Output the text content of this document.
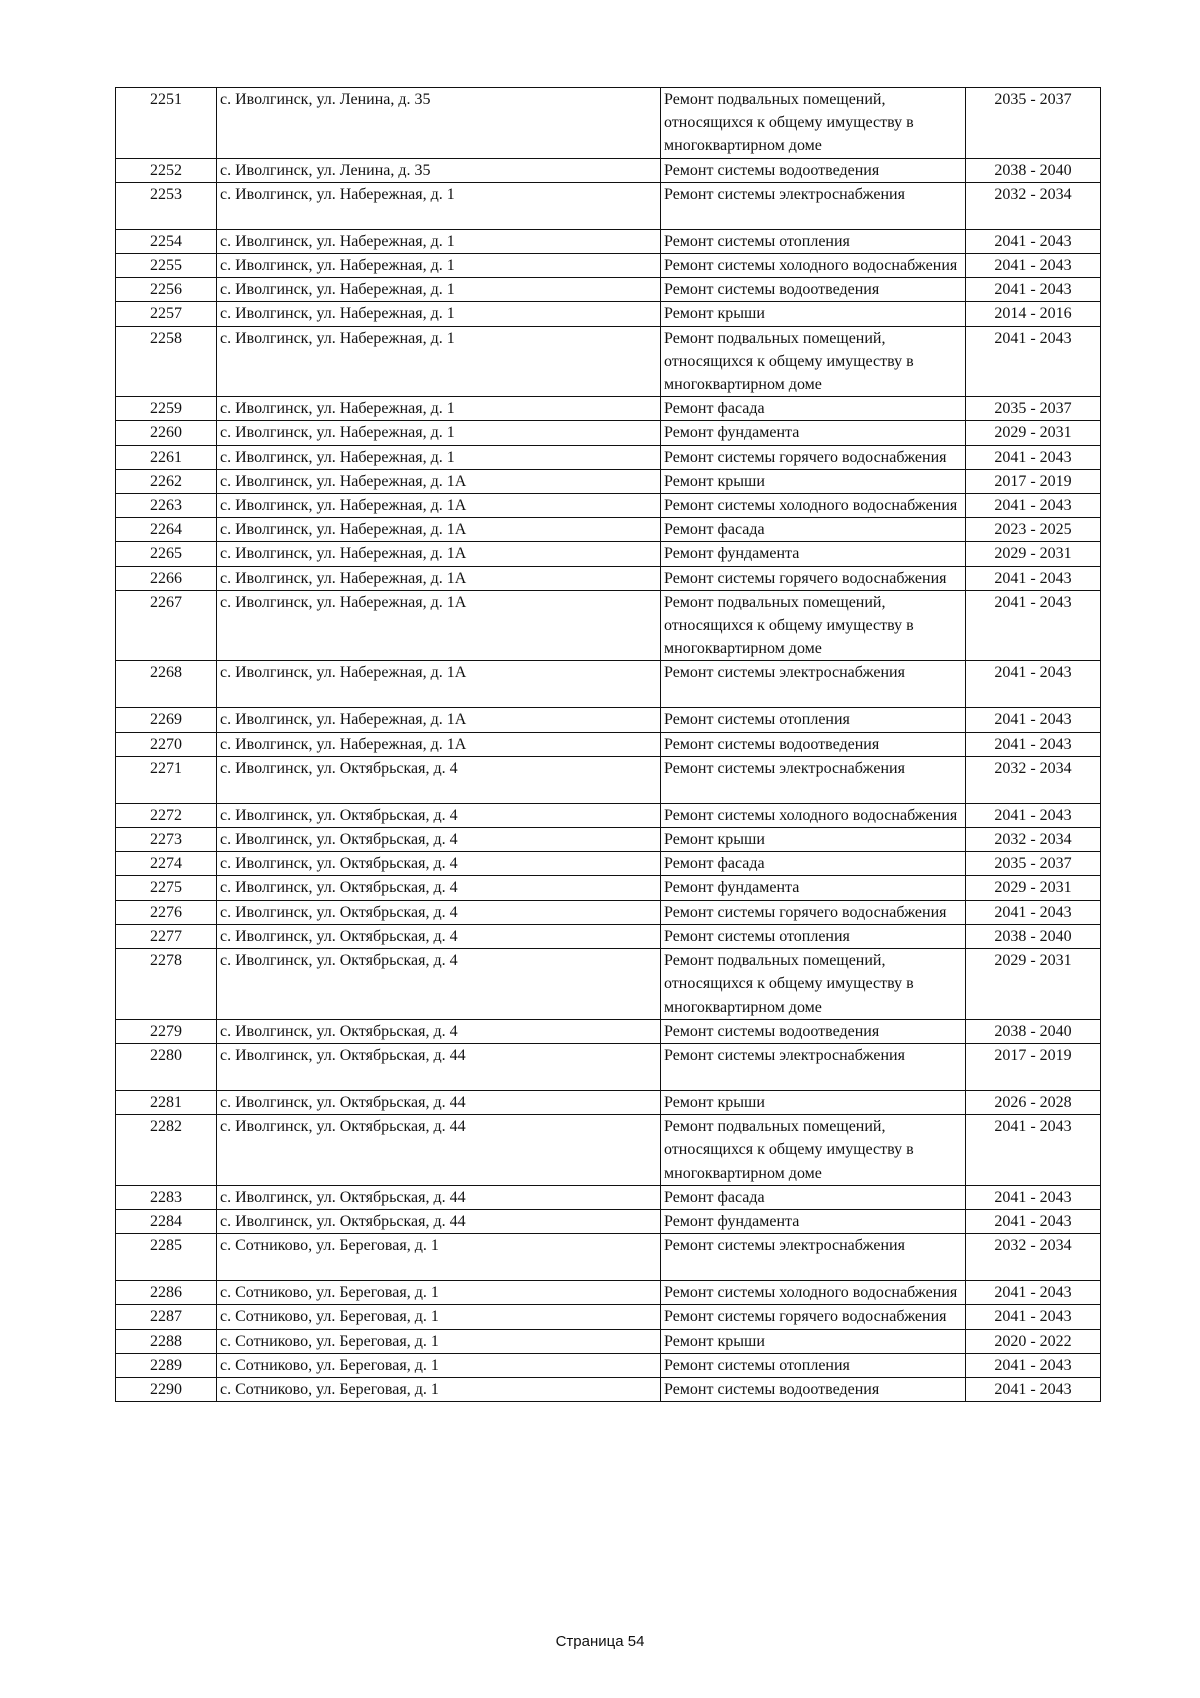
2251	с. Иволгинск, ул. Ленина, д. 35	Ремонт подвальных помещений, относящихся к общему имуществу в многоквартирном доме	2035 - 2037
2252	с. Иволгинск, ул. Ленина, д. 35	Ремонт системы водоотведения	2038 - 2040
2253	с. Иволгинск, ул. Набережная, д. 1	Ремонт системы электроснабжения	2032 - 2034
2254	с. Иволгинск, ул. Набережная, д. 1	Ремонт системы отопления	2041 - 2043
2255	с. Иволгинск, ул. Набережная, д. 1	Ремонт системы холодного водоснабжения	2041 - 2043
2256	с. Иволгинск, ул. Набережная, д. 1	Ремонт системы водоотведения	2041 - 2043
2257	с. Иволгинск, ул. Набережная, д. 1	Ремонт крыши	2014 - 2016
2258	с. Иволгинск, ул. Набережная, д. 1	Ремонт подвальных помещений, относящихся к общему имуществу в многоквартирном доме	2041 - 2043
2259	с. Иволгинск, ул. Набережная, д. 1	Ремонт фасада	2035 - 2037
2260	с. Иволгинск, ул. Набережная, д. 1	Ремонт фундамента	2029 - 2031
2261	с. Иволгинск, ул. Набережная, д. 1	Ремонт системы горячего водоснабжения	2041 - 2043
2262	с. Иволгинск, ул. Набережная, д. 1А	Ремонт крыши	2017 - 2019
2263	с. Иволгинск, ул. Набережная, д. 1А	Ремонт системы холодного водоснабжения	2041 - 2043
2264	с. Иволгинск, ул. Набережная, д. 1А	Ремонт фасада	2023 - 2025
2265	с. Иволгинск, ул. Набережная, д. 1А	Ремонт фундамента	2029 - 2031
2266	с. Иволгинск, ул. Набережная, д. 1А	Ремонт системы горячего водоснабжения	2041 - 2043
2267	с. Иволгинск, ул. Набережная, д. 1А	Ремонт подвальных помещений, относящихся к общему имуществу в многоквартирном доме	2041 - 2043
2268	с. Иволгинск, ул. Набережная, д. 1А	Ремонт системы электроснабжения	2041 - 2043
2269	с. Иволгинск, ул. Набережная, д. 1А	Ремонт системы отопления	2041 - 2043
2270	с. Иволгинск, ул. Набережная, д. 1А	Ремонт системы водоотведения	2041 - 2043
2271	с. Иволгинск, ул. Октябрьская, д. 4	Ремонт системы электроснабжения	2032 - 2034
2272	с. Иволгинск, ул. Октябрьская, д. 4	Ремонт системы холодного водоснабжения	2041 - 2043
2273	с. Иволгинск, ул. Октябрьская, д. 4	Ремонт крыши	2032 - 2034
2274	с. Иволгинск, ул. Октябрьская, д. 4	Ремонт фасада	2035 - 2037
2275	с. Иволгинск, ул. Октябрьская, д. 4	Ремонт фундамента	2029 - 2031
2276	с. Иволгинск, ул. Октябрьская, д. 4	Ремонт системы горячего водоснабжения	2041 - 2043
2277	с. Иволгинск, ул. Октябрьская, д. 4	Ремонт системы отопления	2038 - 2040
2278	с. Иволгинск, ул. Октябрьская, д. 4	Ремонт подвальных помещений, относящихся к общему имуществу в многоквартирном доме	2029 - 2031
2279	с. Иволгинск, ул. Октябрьская, д. 4	Ремонт системы водоотведения	2038 - 2040
2280	с. Иволгинск, ул. Октябрьская, д. 44	Ремонт системы электроснабжения	2017 - 2019
2281	с. Иволгинск, ул. Октябрьская, д. 44	Ремонт крыши	2026 - 2028
2282	с. Иволгинск, ул. Октябрьская, д. 44	Ремонт подвальных помещений, относящихся к общему имуществу в многоквартирном доме	2041 - 2043
2283	с. Иволгинск, ул. Октябрьская, д. 44	Ремонт фасада	2041 - 2043
2284	с. Иволгинск, ул. Октябрьская, д. 44	Ремонт фундамента	2041 - 2043
2285	с. Сотниково, ул. Береговая, д. 1	Ремонт системы электроснабжения	2032 - 2034
2286	с. Сотниково, ул. Береговая, д. 1	Ремонт системы холодного водоснабжения	2041 - 2043
2287	с. Сотниково, ул. Береговая, д. 1	Ремонт системы горячего водоснабжения	2041 - 2043
2288	с. Сотниково, ул. Береговая, д. 1	Ремонт крыши	2020 - 2022
2289	с. Сотниково, ул. Береговая, д. 1	Ремонт системы отопления	2041 - 2043
2290	с. Сотниково, ул. Береговая, д. 1	Ремонт системы водоотведения	2041 - 2043
Страница 54
